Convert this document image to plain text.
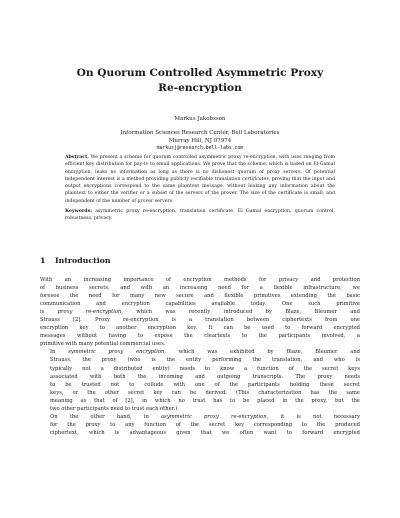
On Quorum Controlled Asymmetric Proxy
Re-encryption
Markus Jakobsson
Information Sciences Research Center, Bell Laboratories
Murray Hill, NJ 07974
markusj@research.bell-labs.com
Abstract. We present a scheme for quorum controlled asymmetric proxy re-encryption, with uses ranging from efficient key distribution for pay-tv to email applications. We prove that the scheme, which is based on El-Gamal encryption, leaks no information as long as there is no dishonest quorum of proxy servers. Of potential independent interest is a method providing publicly verifiable translation certificates, proving that the input and output encryptions correspond to the same plaintext message, without leaking any information about the plaintext to either the verifier or a subset of the servers of the prover. The size of the certificate is small, and independent of the number of prover servers.
Keywords: asymmetric proxy re-encryption, translation certificate, El Gamal encryption, quorum control, robustness, privacy.
1 Introduction

With an increasing importance of encryption methods for privacy and protection
of business secrets, and with an increasing need for a flexible infrastructure, we
foresee the need for many new secure and flexible primitives extending the basic
communication and encryption capabilities available today. One such primitive
is proxy re-encryption, which was recently introduced by Blaze, Bleumer and
Strauss [2]. Proxy re-encryption is a translation between ciphertexts from one
encryption key to another encryption key. It can be used to forward encrypted
messages without having to expose the cleartexts to the participants involved, a
primitive with many potential commercial uses.

In symmetric proxy encryption, which was exhibited by Blaze, Bleumer and
Strauss, the proxy (who is the entity performing the translation, and who is
typically not a distributed entity) needs to know a function of the secret keys
associated with both the incoming and outgoing transcripts. The proxy needs
to be trusted not to collude with one of the participants holding these secret
keys, or the other secret key can be derived. (This characterization has the same
meaning as that of [2], in which no trust has to be placed in the proxy, but the
two other participants need to trust each other.)

On the other hand, in asymmetric proxy re-encryption, it is not necessary
for the proxy to any function of the secret key corresponding to the produced
ciphertext, which is advantageous given that we often want to forward encrypted
